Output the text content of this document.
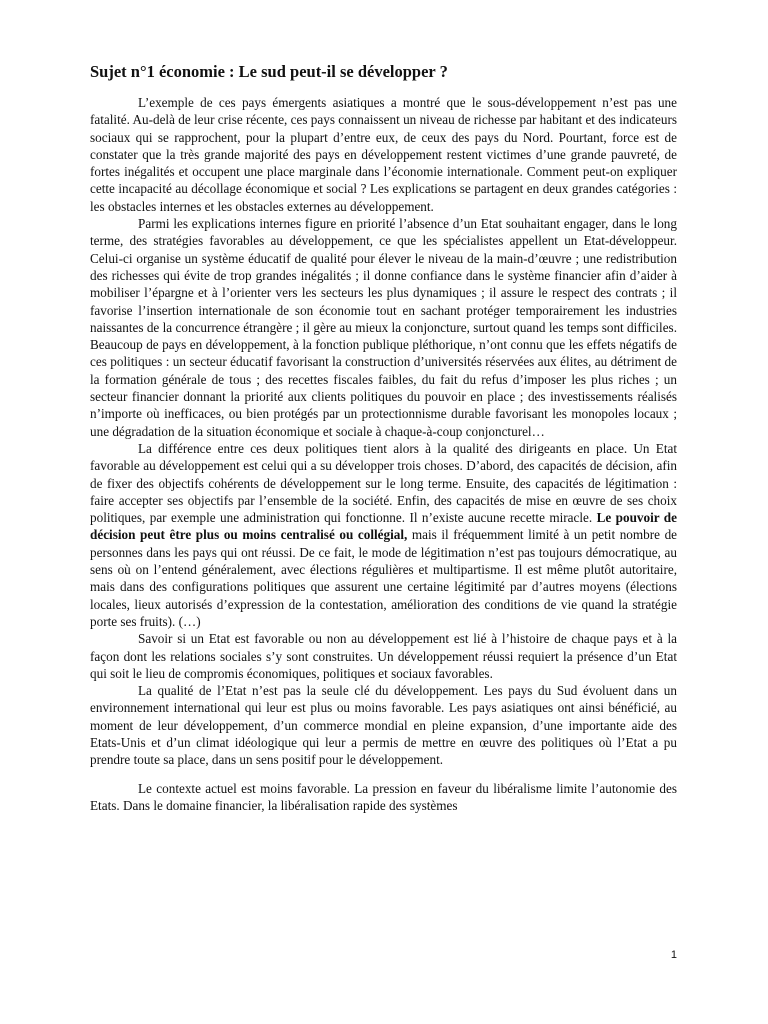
Sujet n°1 économie : Le sud peut-il se développer ?

L’exemple de ces pays émergents asiatiques a montré que le sous-développement n’est pas une fatalité. Au-delà de leur crise récente, ces pays connaissent un niveau de richesse par habitant et des indicateurs sociaux qui se rapprochent, pour la plupart d’entre eux, de ceux des pays du Nord. Pourtant, force est de constater que la très grande majorité des pays en développement restent victimes d’une grande pauvreté, de fortes inégalités et occupent une place marginale dans l’économie internationale. Comment peut-on expliquer cette incapacité au décollage économique et social ? Les explications se partagent en deux grandes catégories : les obstacles internes et les obstacles externes au développement.

Parmi les explications internes figure en priorité l’absence d’un Etat souhaitant engager, dans le long terme, des stratégies favorables au développement, ce que les spécialistes appellent un Etat-développeur. Celui-ci organise un système éducatif de qualité pour élever le niveau de la main-d’œuvre ; une redistribution des richesses qui évite de trop grandes inégalités ; il donne confiance dans le système financier afin d’aider à mobiliser l’épargne et à l’orienter vers les secteurs les plus dynamiques ; il assure le respect des contrats ; il favorise l’insertion internationale de son économie tout en sachant protéger temporairement les industries naissantes de la concurrence étrangère ; il gère au mieux la conjoncture, surtout quand les temps sont difficiles. Beaucoup de pays en développement, à la fonction publique pléthorique, n’ont connu que les effets négatifs de ces politiques : un secteur éducatif favorisant la construction d’universités réservées aux élites, au détriment de la formation générale de tous ; des recettes fiscales faibles, du fait du refus d’imposer les plus riches ; un secteur financier donnant la priorité aux clients politiques du pouvoir en place ; des investissements réalisés n’importe où inefficaces, ou bien protégés par un protectionnisme durable favorisant les monopoles locaux ; une dégradation de la situation économique et sociale à chaque-à-coup conjoncturel…

La différence entre ces deux politiques tient alors à la qualité des dirigeants en place. Un Etat favorable au développement est celui qui a su développer trois choses. D’abord, des capacités de décision, afin de fixer des objectifs cohérents de développement sur le long terme. Ensuite, des capacités de légitimation : faire accepter ses objectifs par l’ensemble de la société. Enfin, des capacités de mise en œuvre de ses choix politiques, par exemple une administration qui fonctionne. Il n’existe aucune recette miracle. Le pouvoir de décision peut être plus ou moins centralisé ou collégial, mais il fréquemment limité à un petit nombre de personnes dans les pays qui ont réussi. De ce fait, le mode de légitimation n’est pas toujours démocratique, au sens où on l’entend généralement, avec élections régulières et multipartisme. Il est même plutôt autoritaire, mais dans des configurations politiques que assurent une certaine légitimité par d’autres moyens (élections locales, lieux autorisés d’expression de la contestation, amélioration des conditions de vie quand la stratégie porte ses fruits). (…)

Savoir si un Etat est favorable ou non au développement est lié à l’histoire de chaque pays et à la façon dont les relations sociales s’y sont construites. Un développement réussi requiert la présence d’un Etat qui soit le lieu de compromis économiques, politiques et sociaux favorables.

La qualité de l’Etat n’est pas la seule clé du développement. Les pays du Sud évoluent dans un environnement international qui leur est plus ou moins favorable. Les pays asiatiques ont ainsi bénéficié, au moment de leur développement, d’un commerce mondial en pleine expansion, d’une importante aide des Etats-Unis et d’un climat idéologique qui leur a permis de mettre en œuvre des politiques où l’Etat a pu prendre toute sa place, dans un sens positif pour le développement.

Le contexte actuel est moins favorable. La pression en faveur du libéralisme limite l’autonomie des Etats. Dans le domaine financier, la libéralisation rapide des systèmes

1
